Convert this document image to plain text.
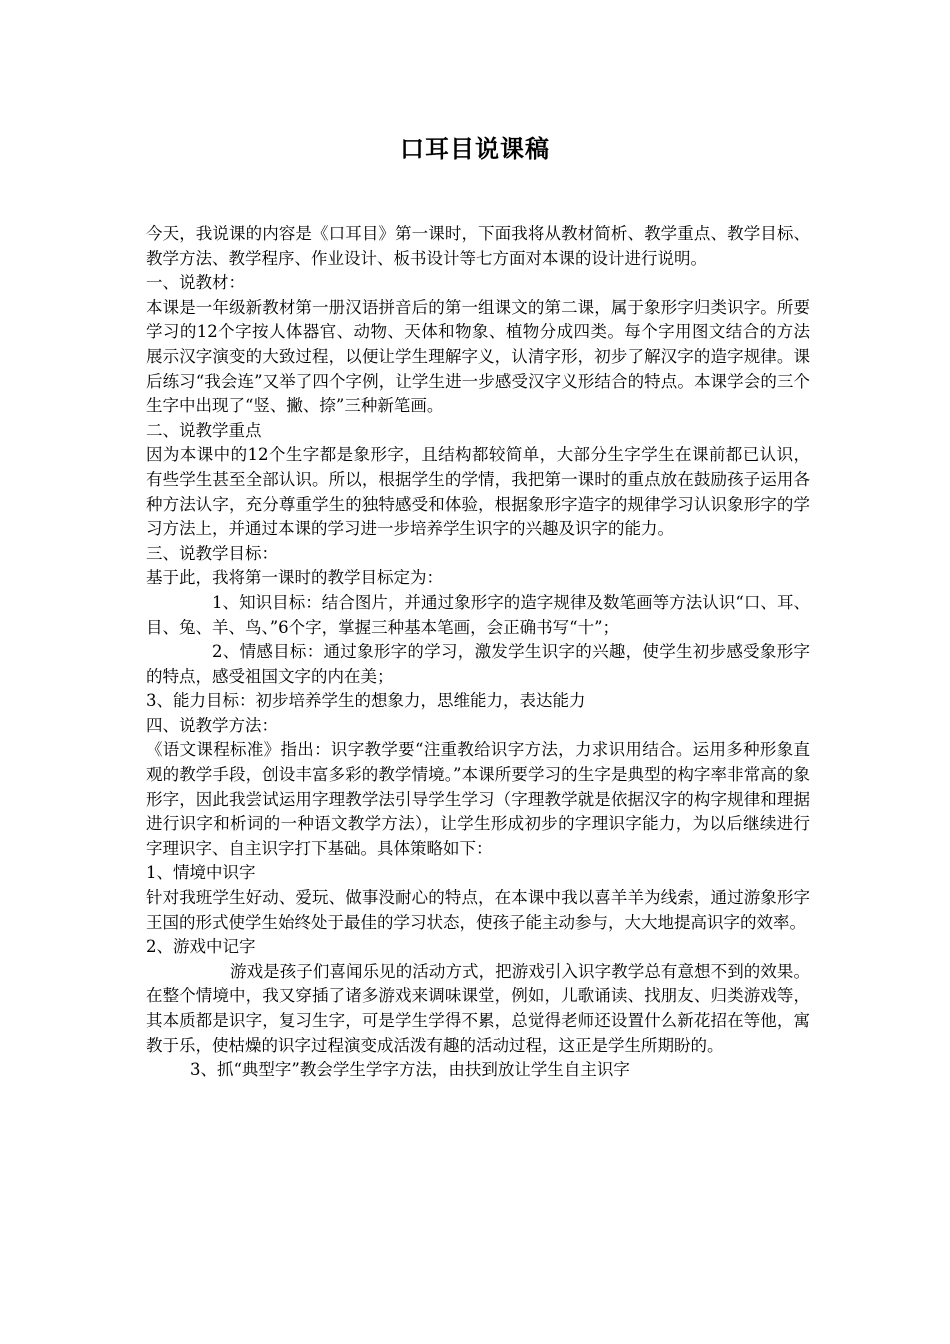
口耳目说课稿

今天，我说课的内容是《口耳目》第一课时，下面我将从教材简析、教学重点、教学目标、教学方法、教学程序、作业设计、板书设计等七方面对本课的设计进行说明。

一、说教材：

本课是一年级新教材第一册汉语拼音后的第一组课文的第二课，属于象形字归类识字。所要学习的12个字按人体器官、动物、天体和物象、植物分成四类。每个字用图文结合的方法展示汉字演变的大致过程，以便让学生理解字义，认清字形，初步了解汉字的造字规律。课后练习“我会连”又举了四个字例，让学生进一步感受汉字义形结合的特点。本课学会的三个生字中出现了“竖、撇、捺”三种新笔画。

二、说教学重点

因为本课中的12个生字都是象形字，且结构都较简单，大部分生字学生在课前都已认识，有些学生甚至全部认识。所以，根据学生的学情，我把第一课时的重点放在鼓励孩子运用各种方法认字，充分尊重学生的独特感受和体验，根据象形字造字的规律学习认识象形字的学习方法上，并通过本课的学习进一步培养学生识字的兴趣及识字的能力。

三、说教学目标：

基于此，我将第一课时的教学目标定为：

1、知识目标：结合图片，并通过象形字的造字规律及数笔画等方法认识“口、耳、目、兔、羊、鸟、”6个字，掌握三种基本笔画，会正确书写“十”；

2、情感目标：通过象形字的学习，激发学生识字的兴趣，使学生初步感受象形字的特点，感受祖国文字的内在美；

3、能力目标：初步培养学生的想象力，思维能力，表达能力

四、说教学方法：

《语文课程标准》指出：识字教学要“注重教给识字方法，力求识用结合。运用多种形象直观的教学手段，创设丰富多彩的教学情境。”本课所要学习的生字是典型的构字率非常高的象形字，因此我尝试运用字理教学法引导学生学习（字理教学就是依据汉字的构字规律和理据进行识字和析词的一种语文教学方法），让学生形成初步的字理识字能力，为以后继续进行字理识字、自主识字打下基础。具体策略如下：

1、情境中识字

针对我班学生好动、爱玩、做事没耐心的特点，在本课中我以喜羊羊为线索，通过游象形字王国的形式使学生始终处于最佳的学习状态，使孩子能主动参与，大大地提高识字的效率。

2、游戏中记字

游戏是孩子们喜闻乐见的活动方式，把游戏引入识字教学总有意想不到的效果。在整个情境中，我又穿插了诸多游戏来调味课堂，例如，儿歌诵读、找朋友、归类游戏等，其本质都是识字，复习生字，可是学生学得不累，总觉得老师还设置什么新花招在等他，寓教于乐，使枯燥的识字过程演变成活泼有趣的活动过程，这正是学生所期盼的。

3、抓“典型字”教会学生学字方法，由扶到放让学生自主识字
